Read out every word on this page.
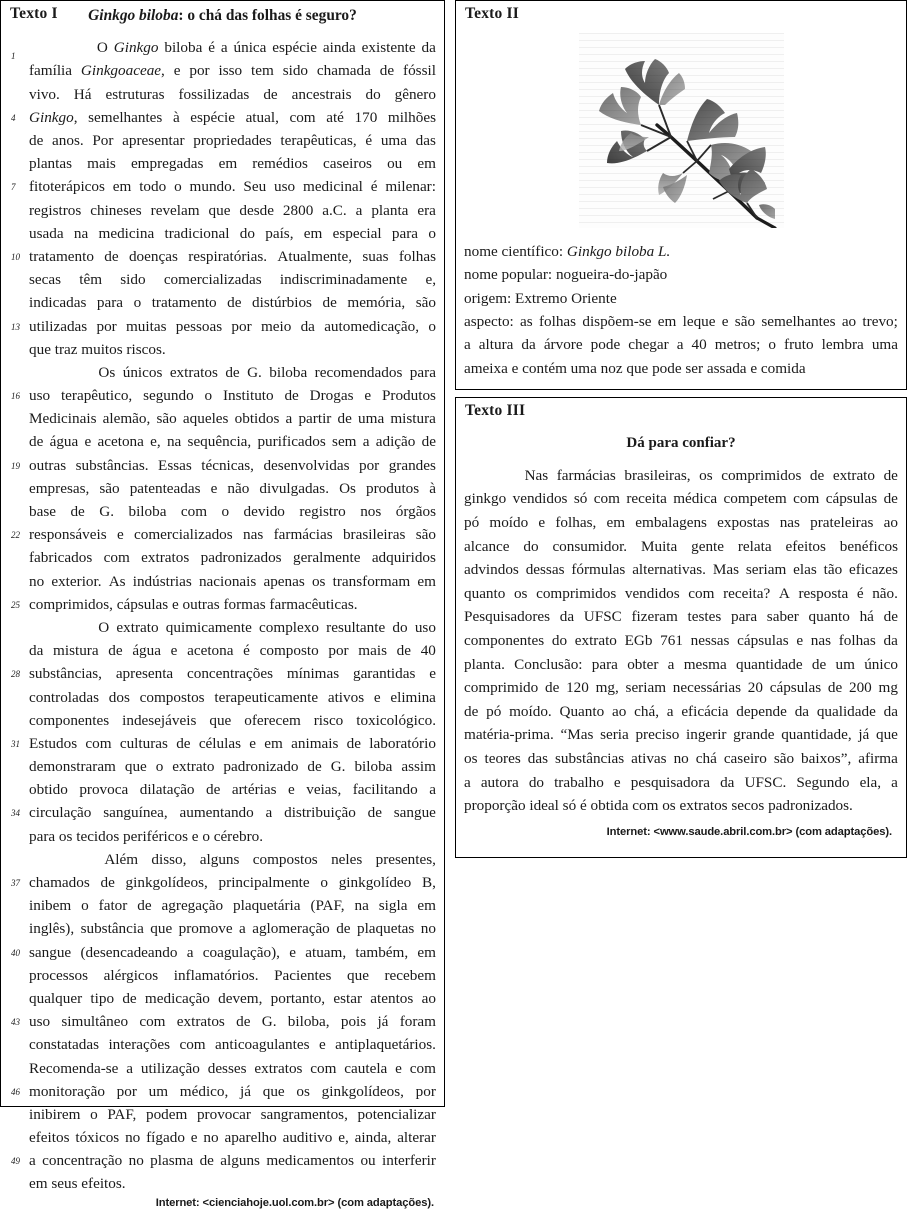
Texto I	Ginkgo biloba: o chá das folhas é seguro?
1	O Ginkgo biloba é a única espécie ainda existente da
família Ginkgoaceae, e por isso tem sido chamada de fóssil
vivo. Há estruturas fossilizadas de ancestrais do gênero
4 Ginkgo, semelhantes à espécie atual, com até 170 milhões
de anos. Por apresentar propriedades terapêuticas, é uma das
plantas mais empregadas em remédios caseiros ou em
7 fitoterápicos em todo o mundo. Seu uso medicinal é milenar:
registros chineses revelam que desde 2800 a.C. a planta era
usada na medicina tradicional do país, em especial para o
10 tratamento de doenças respiratórias. Atualmente, suas folhas
secas têm sido comercializadas indiscriminadamente e,
indicadas para o tratamento de distúrbios de memória, são
13 utilizadas por muitas pessoas por meio da automedicação, o
que traz muitos riscos.
Os únicos extratos de G. biloba recomendados para
16 uso terapêutico, segundo o Instituto de Drogas e Produtos
Medicinais alemão, são aqueles obtidos a partir de uma mistura
de água e acetona e, na sequência, purificados sem a adição de
19 outras substâncias. Essas técnicas, desenvolvidas por grandes
empresas, são patenteadas e não divulgadas. Os produtos à
base de G. biloba com o devido registro nos órgãos
22 responsáveis e comercializados nas farmácias brasileiras são
fabricados com extratos padronizados geralmente adquiridos
no exterior. As indústrias nacionais apenas os transformam em
25 comprimidos, cápsulas e outras formas farmacêuticas.
O extrato quimicamente complexo resultante do uso
da mistura de água e acetona é composto por mais de 40
28 substâncias, apresenta concentrações mínimas garantidas e
controladas dos compostos terapeuticamente ativos e elimina
componentes indesejáveis que oferecem risco toxicológico.
31 Estudos com culturas de células e em animais de laboratório
demonstraram que o extrato padronizado de G. biloba assim
obtido provoca dilatação de artérias e veias, facilitando a
34 circulação sanguínea, aumentando a distribuição de sangue
para os tecidos periféricos e o cérebro.
Além disso, alguns compostos neles presentes,
37 chamados de ginkgolídeos, principalmente o ginkgolídeo B,
inibem o fator de agregação plaquetária (PAF, na sigla em
inglês), substância que promove a aglomeração de plaquetas no
40 sangue (desencadeando a coagulação), e atuam, também, em
processos alérgicos inflamatórios. Pacientes que recebem
qualquer tipo de medicação devem, portanto, estar atentos ao
43 uso simultâneo com extratos de G. biloba, pois já foram
constatadas interações com anticoagulantes e antiplaquetários.
Recomenda-se a utilização desses extratos com cautela e com
46 monitoração por um médico, já que os ginkgolídeos, por
inibirem o PAF, podem provocar sangramentos, potencializar
efeitos tóxicos no fígado e no aparelho auditivo e, ainda, alterar
49 a concentração no plasma de alguns medicamentos ou interferir
em seus efeitos.
Internet: <cienciahoje.uol.com.br> (com adaptações).
Texto II
nome científico: Ginkgo biloba L.
nome popular: nogueira-do-japão
origem: Extremo Oriente
aspecto: as folhas dispõem-se em leque e são semelhantes ao trevo;
a altura da árvore pode chegar a 40 metros; o fruto lembra uma
ameixa e contém uma noz que pode ser assada e comida
Texto III
Dá para confiar?
Nas farmácias brasileiras, os comprimidos de extrato de
ginkgo vendidos só com receita médica competem com cápsulas de
pó moído e folhas, em embalagens expostas nas prateleiras ao
alcance do consumidor. Muita gente relata efeitos benéficos
advindos dessas fórmulas alternativas. Mas seriam elas tão eficazes
quanto os comprimidos vendidos com receita? A resposta é não.
Pesquisadores da UFSC fizeram testes para saber quanto há de
componentes do extrato EGb 761 nessas cápsulas e nas folhas da
planta. Conclusão: para obter a mesma quantidade de um único
comprimido de 120 mg, seriam necessárias 20 cápsulas de 200 mg
de pó moído. Quanto ao chá, a eficácia depende da qualidade da
matéria-prima. “Mas seria preciso ingerir grande quantidade, já que
os teores das substâncias ativas no chá caseiro são baixos”, afirma
a autora do trabalho e pesquisadora da UFSC. Segundo ela, a
proporção ideal só é obtida com os extratos secos padronizados.
Internet: <www.saude.abril.com.br> (com adaptações).
